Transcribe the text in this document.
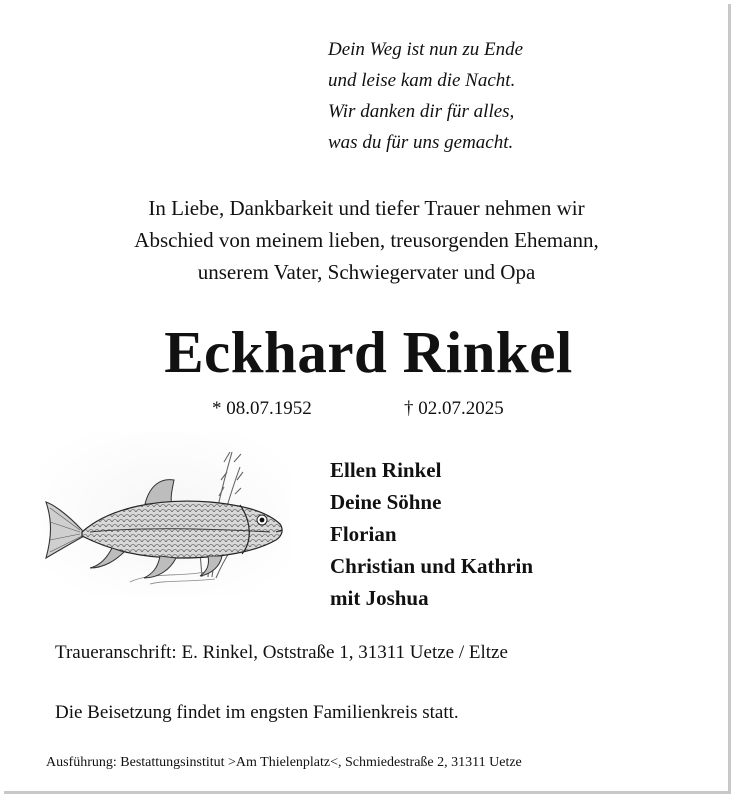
Dein Weg ist nun zu Ende
und leise kam die Nacht.
Wir danken dir für alles,
was du für uns gemacht.
In Liebe, Dankbarkeit und tiefer Trauer nehmen wir
Abschied von meinem lieben, treusorgenden Ehemann,
unserem Vater, Schwiegervater und Opa
Eckhard Rinkel
* 08.07.1952	† 02.07.2025
Ellen Rinkel
Deine Söhne
Florian
Christian und Kathrin
mit Joshua
Traueranschrift: E. Rinkel, Oststraße 1, 31311 Uetze / Eltze
Die Beisetzung findet im engsten Familienkreis statt.
Ausführung: Bestattungsinstitut >Am Thielenplatz<, Schmiedestraße 2, 31311 Uetze
